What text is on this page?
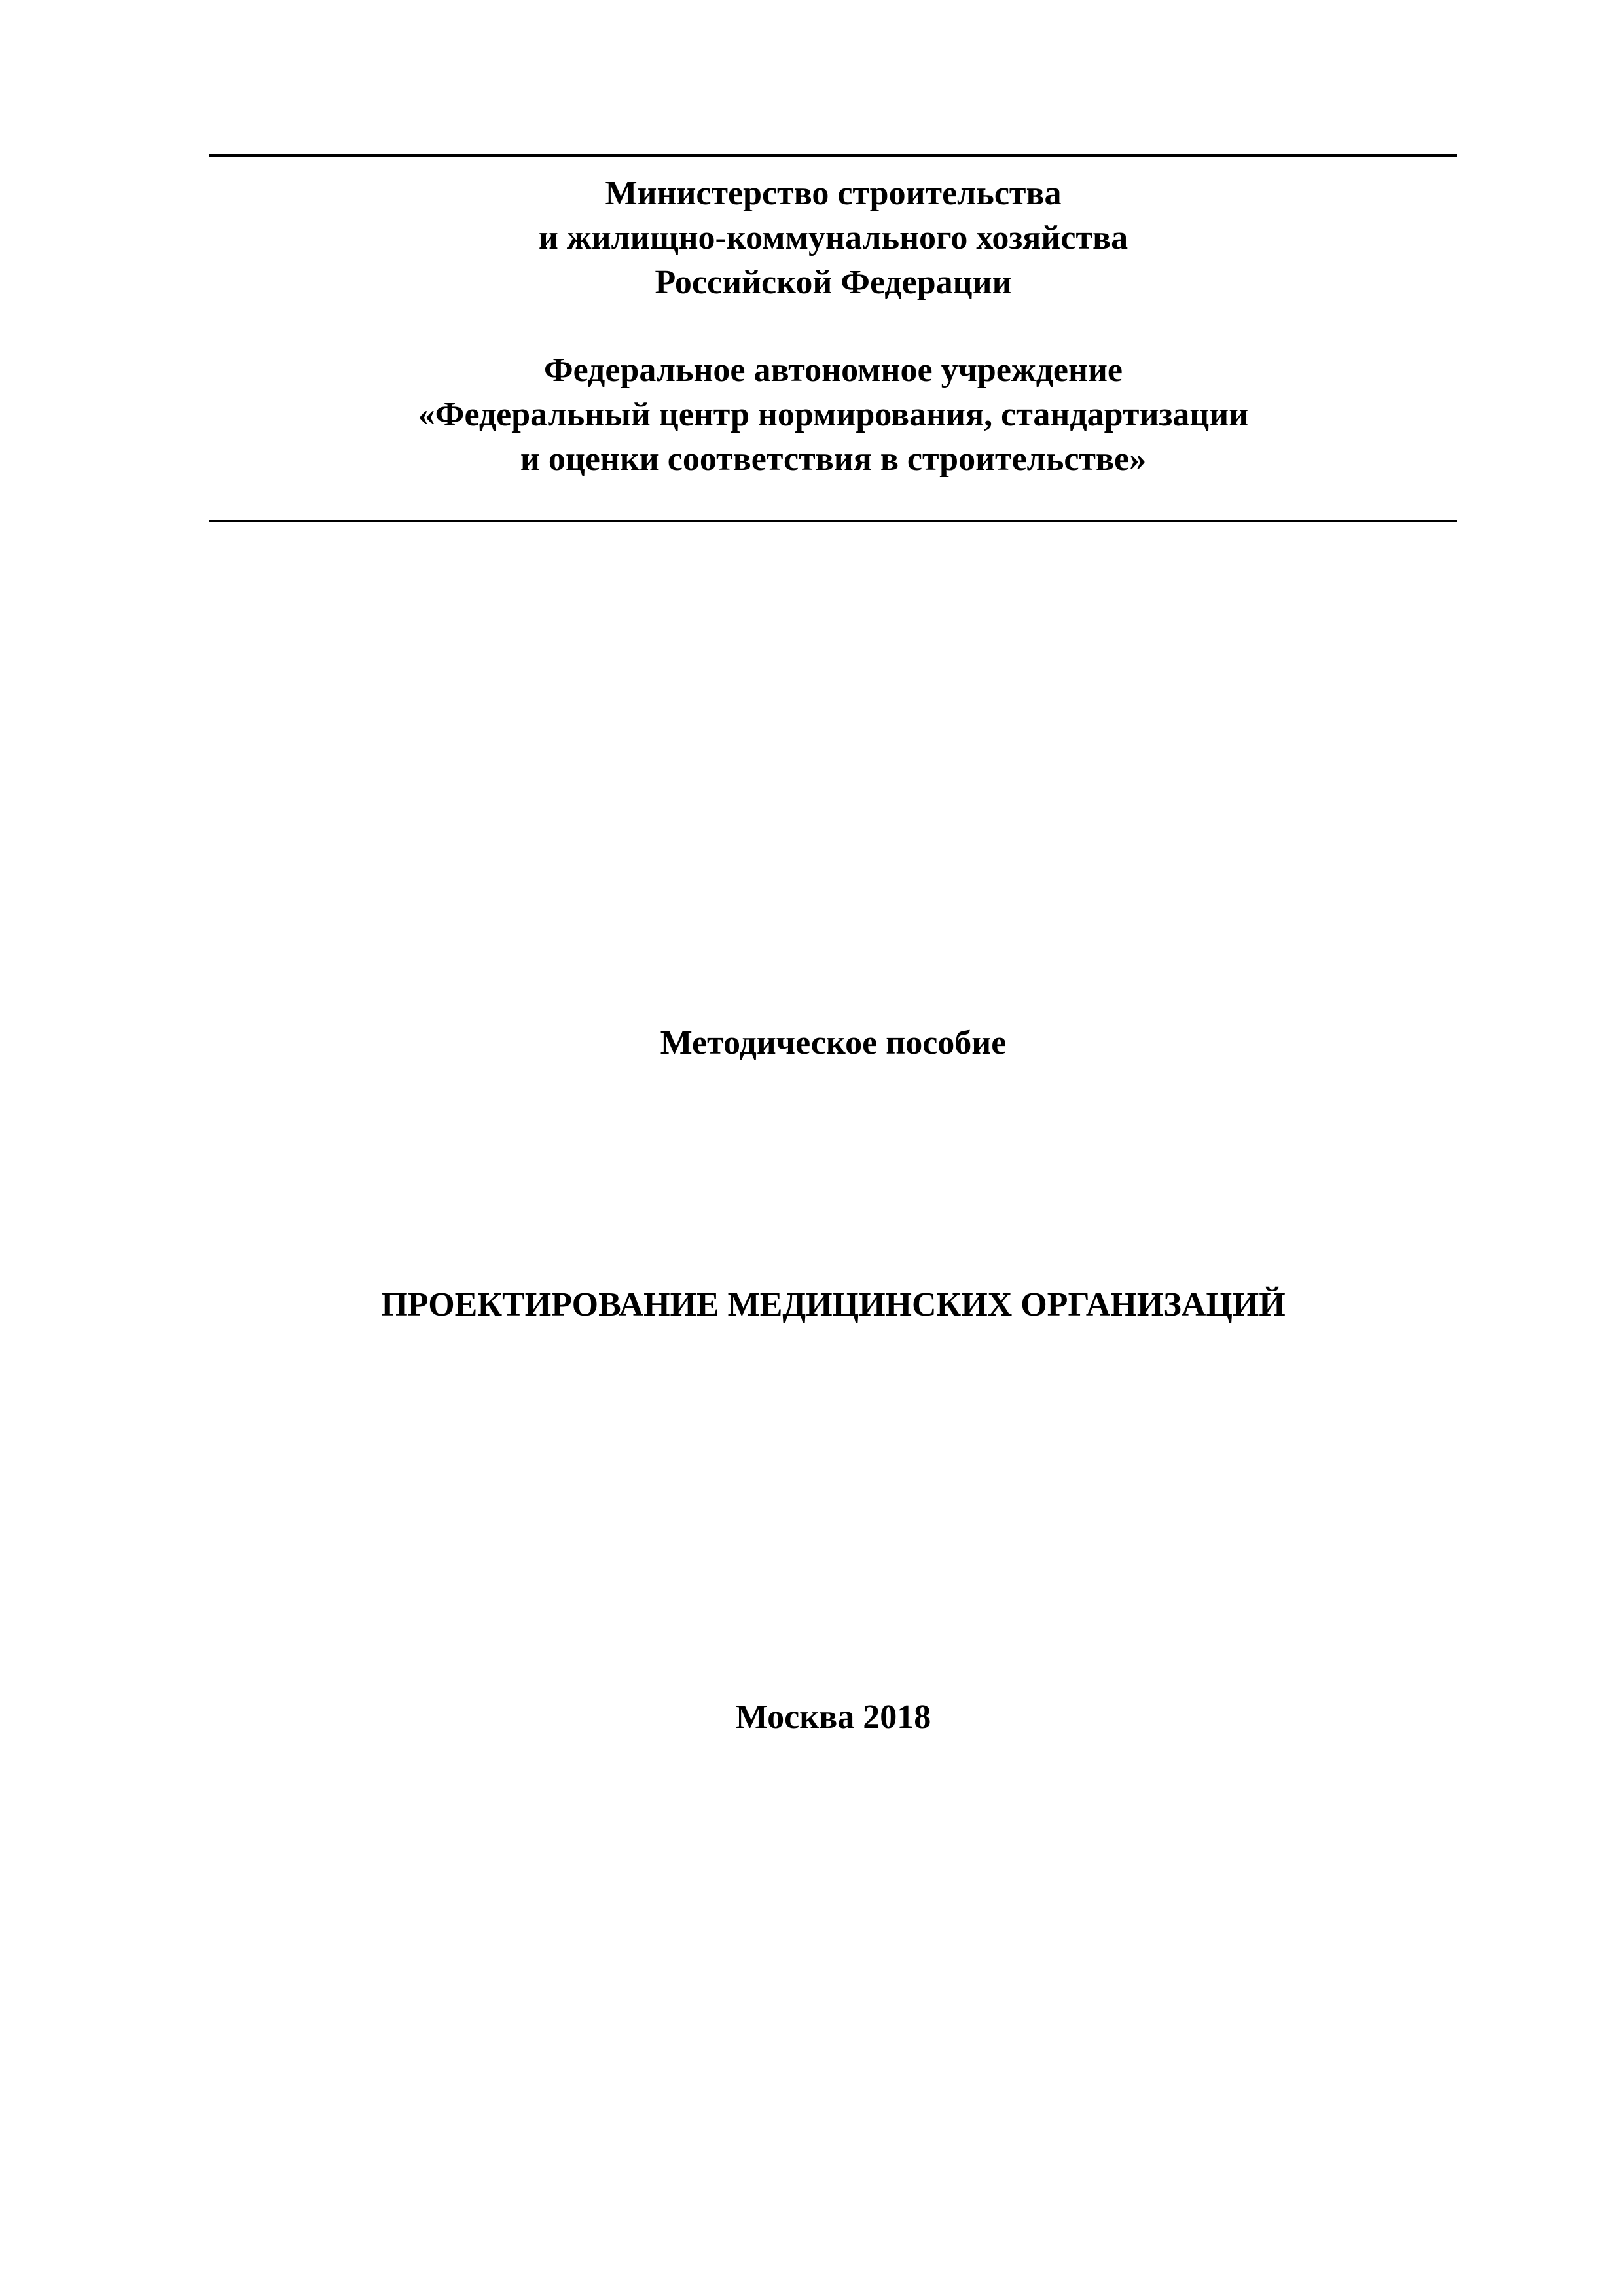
Министерство строительства
и жилищно-коммунального хозяйства
Российской Федерации
Федеральное автономное учреждение
«Федеральный центр нормирования, стандартизации
и оценки соответствия в строительстве»
Методическое пособие
ПРОЕКТИРОВАНИЕ МЕДИЦИНСКИХ ОРГАНИЗАЦИЙ
Москва 2018
